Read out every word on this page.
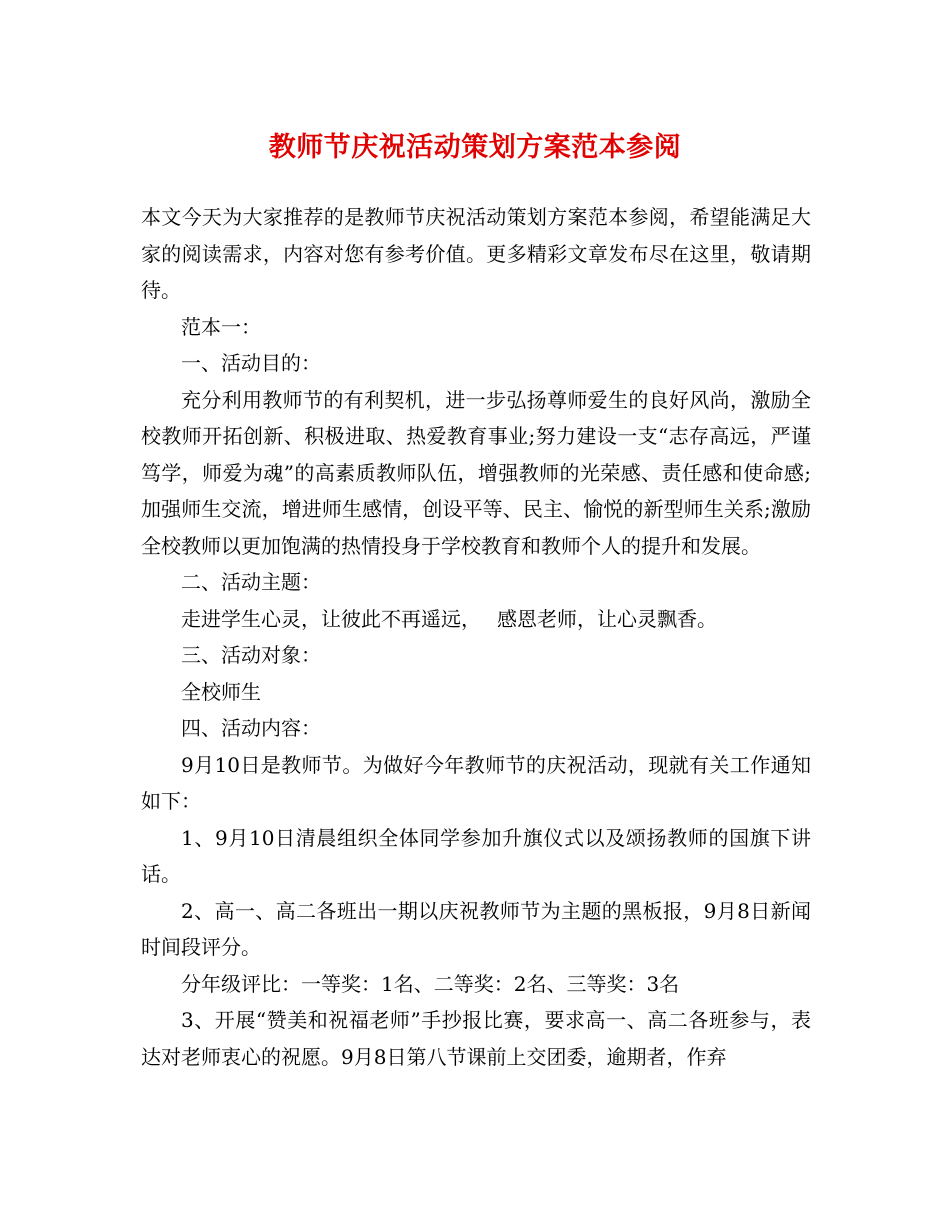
教师节庆祝活动策划方案范本参阅

本文今天为大家推荐的是教师节庆祝活动策划方案范本参阅，希望能满足大家的阅读需求，内容对您有参考价值。更多精彩文章发布尽在这里，敬请期待。

范本一：

一、活动目的：

充分利用教师节的有利契机，进一步弘扬尊师爱生的良好风尚，激励全校教师开拓创新、积极进取、热爱教育事业;努力建设一支“志存高远，严谨笃学，师爱为魂”的高素质教师队伍，增强教师的光荣感、责任感和使命感;加强师生交流，增进师生感情，创设平等、民主、愉悦的新型师生关系;激励全校教师以更加饱满的热情投身于学校教育和教师个人的提升和发展。

二、活动主题：

走进学生心灵，让彼此不再遥远， 感恩老师，让心灵飘香。

三、活动对象：

全校师生

四、活动内容：

9月10日是教师节。为做好今年教师节的庆祝活动，现就有关工作通知如下：

1、9月10日清晨组织全体同学参加升旗仪式以及颂扬教师的国旗下讲话。

2、高一、高二各班出一期以庆祝教师节为主题的黑板报，9月8日新闻时间段评分。

分年级评比：一等奖：1名、二等奖：2名、三等奖：3名

3、开展“赞美和祝福老师”手抄报比赛，要求高一、高二各班参与，表达对老师衷心的祝愿。9月8日第八节课前上交团委，逾期者，作弃
